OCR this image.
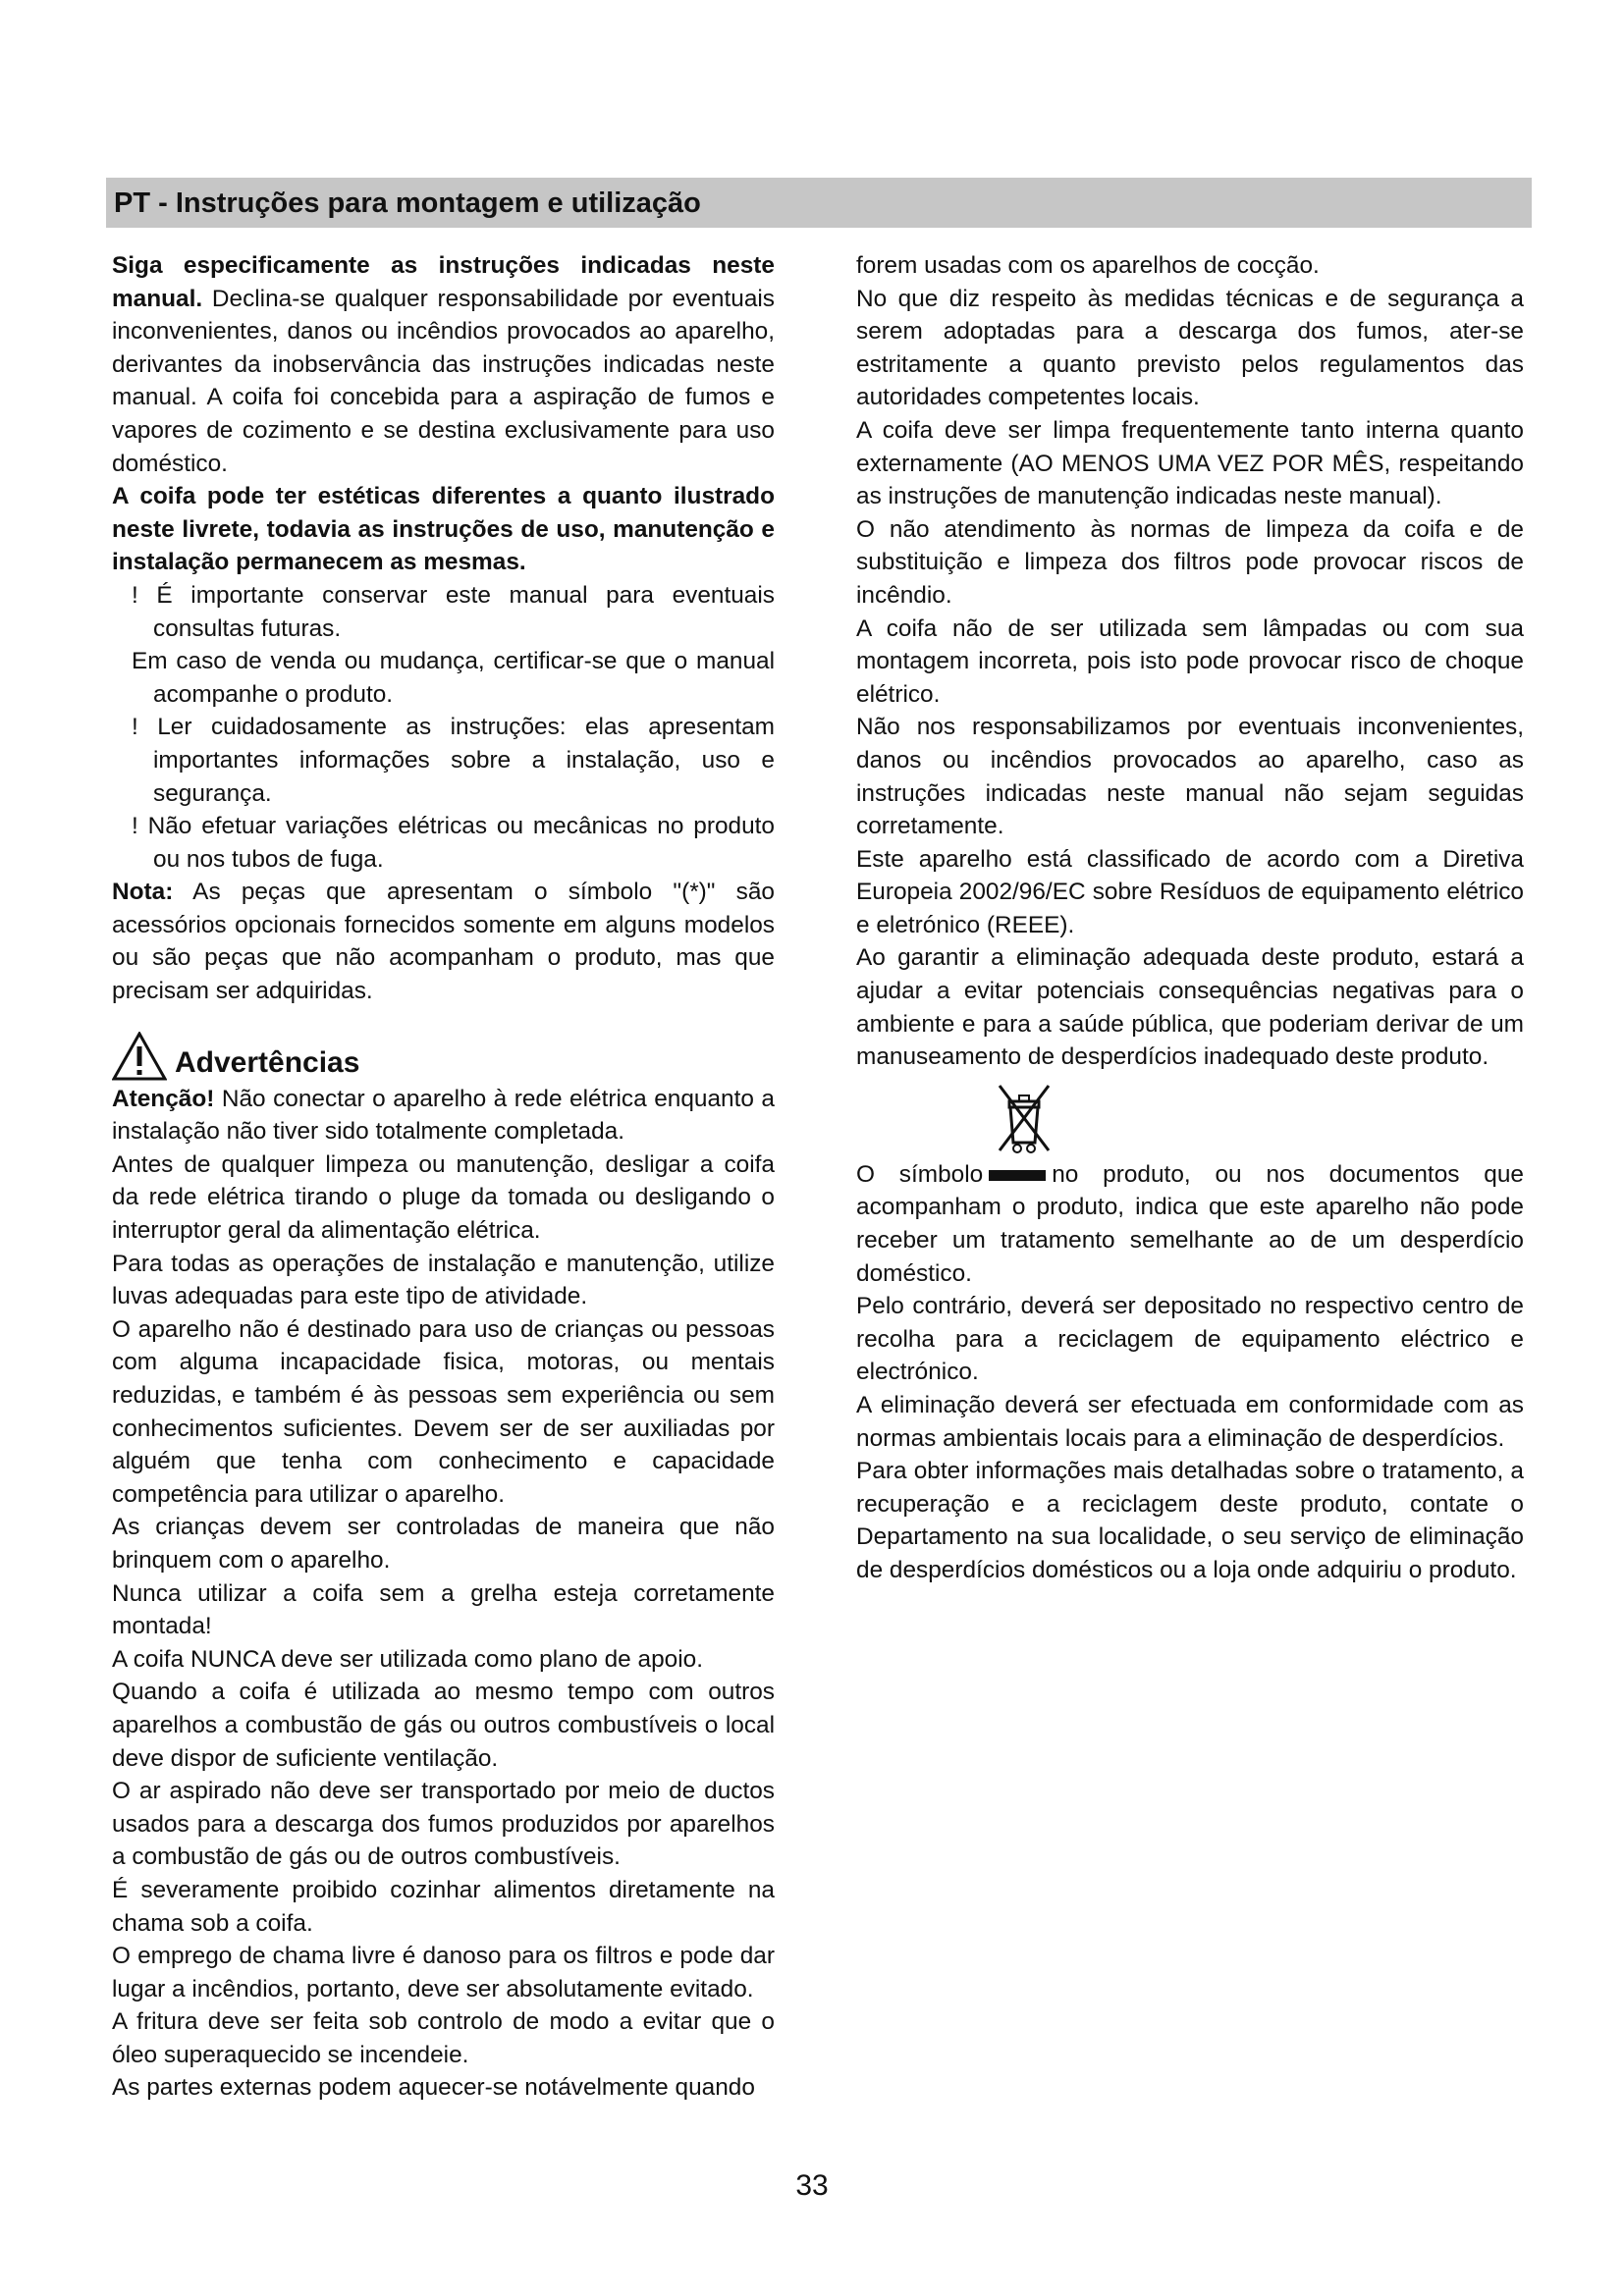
PT - Instruções para montagem e utilização

Siga especificamente as instruções indicadas neste manual. Declina-se qualquer responsabilidade por eventuais inconvenientes, danos ou incêndios provocados ao aparelho, derivantes da inobservância das instruções indicadas neste manual. A coifa foi concebida para a aspiração de fumos e vapores de cozimento e se destina exclusivamente para uso doméstico.

A coifa pode ter estéticas diferentes a quanto ilustrado neste livrete, todavia as instruções de uso, manutenção e instalação permanecem as mesmas.

! É importante conservar este manual para eventuais consultas futuras.

Em caso de venda ou mudança, certificar-se que o manual acompanhe o produto.

! Ler cuidadosamente as instruções: elas apresentam importantes informações sobre a instalação, uso e segurança.

! Não efetuar variações elétricas ou mecânicas no produto ou nos tubos de fuga.

Nota: As peças que apresentam o símbolo "(*)" são acessórios opcionais fornecidos somente em alguns modelos ou são peças que não acompanham o produto, mas que precisam ser adquiridas.

Advertências

Atenção! Não conectar o aparelho à rede elétrica enquanto a instalação não tiver sido totalmente completada.

Antes de qualquer limpeza ou manutenção, desligar a coifa da rede elétrica tirando o pluge da tomada ou desligando o interruptor geral da alimentação elétrica.

Para todas as operações de instalação e manutenção, utilize luvas adequadas para este tipo de atividade.

O aparelho não é destinado para uso de crianças ou pessoas com alguma incapacidade fisica, motoras, ou mentais reduzidas, e também é às pessoas sem experiência ou sem conhecimentos suficientes. Devem ser de ser auxiliadas por alguém que tenha com conhecimento e capacidade competência para utilizar o aparelho.

As crianças devem ser controladas de maneira que não brinquem com o aparelho.

Nunca utilizar a coifa sem a grelha esteja corretamente montada!

A coifa NUNCA deve ser utilizada como plano de apoio.

Quando a coifa é utilizada ao mesmo tempo com outros aparelhos a combustão de gás ou outros combustíveis o local deve dispor de suficiente ventilação.

O ar aspirado não deve ser transportado por meio de ductos usados para a descarga dos fumos produzidos por aparelhos a combustão de gás ou de outros combustíveis.

É severamente proibido cozinhar alimentos diretamente na chama sob a coifa.

O emprego de chama livre é danoso para os filtros e pode dar lugar a incêndios, portanto, deve ser absolutamente evitado.

A fritura deve ser feita sob controlo de modo a evitar que o óleo superaquecido se incendeie.

As partes externas podem aquecer-se notávelmente quando

forem usadas com os aparelhos de cocção.

No que diz respeito às medidas técnicas e de segurança a serem adoptadas para a descarga dos fumos, ater-se estritamente a quanto previsto pelos regulamentos das autoridades competentes locais.

A coifa deve ser limpa frequentemente tanto interna quanto externamente (AO MENOS UMA VEZ POR MÊS, respeitando as instruções de manutenção indicadas neste manual).

O não atendimento às normas de limpeza da coifa e de substituição e limpeza dos filtros pode provocar riscos de incêndio.

A coifa não de ser utilizada sem lâmpadas ou com sua montagem incorreta, pois isto pode provocar risco de choque elétrico.

Não nos responsabilizamos por eventuais inconvenientes, danos ou incêndios provocados ao aparelho, caso as instruções indicadas neste manual não sejam seguidas corretamente.

Este aparelho está classificado de acordo com a Diretiva Europeia 2002/96/EC sobre Resíduos de equipamento elétrico e eletrónico (REEE).

Ao garantir a eliminação adequada deste produto, estará a ajudar a evitar potenciais consequências negativas para o ambiente e para a saúde pública, que poderiam derivar de um manuseamento de desperdícios inadequado deste produto.

O símbolo	no produto, ou nos documentos que acompanham o produto, indica que este aparelho não pode receber um tratamento semelhante ao de um desperdício doméstico.

Pelo contrário, deverá ser depositado no respectivo centro de recolha para a reciclagem de equipamento eléctrico e electrónico.

A eliminação deverá ser efectuada em conformidade com as normas ambientais locais para a eliminação de desperdícios.

Para obter informações mais detalhadas sobre o tratamento, a recuperação e a reciclagem deste produto, contate o Departamento na sua localidade, o seu serviço de eliminação de desperdícios domésticos ou a loja onde adquiriu o produto.

33
